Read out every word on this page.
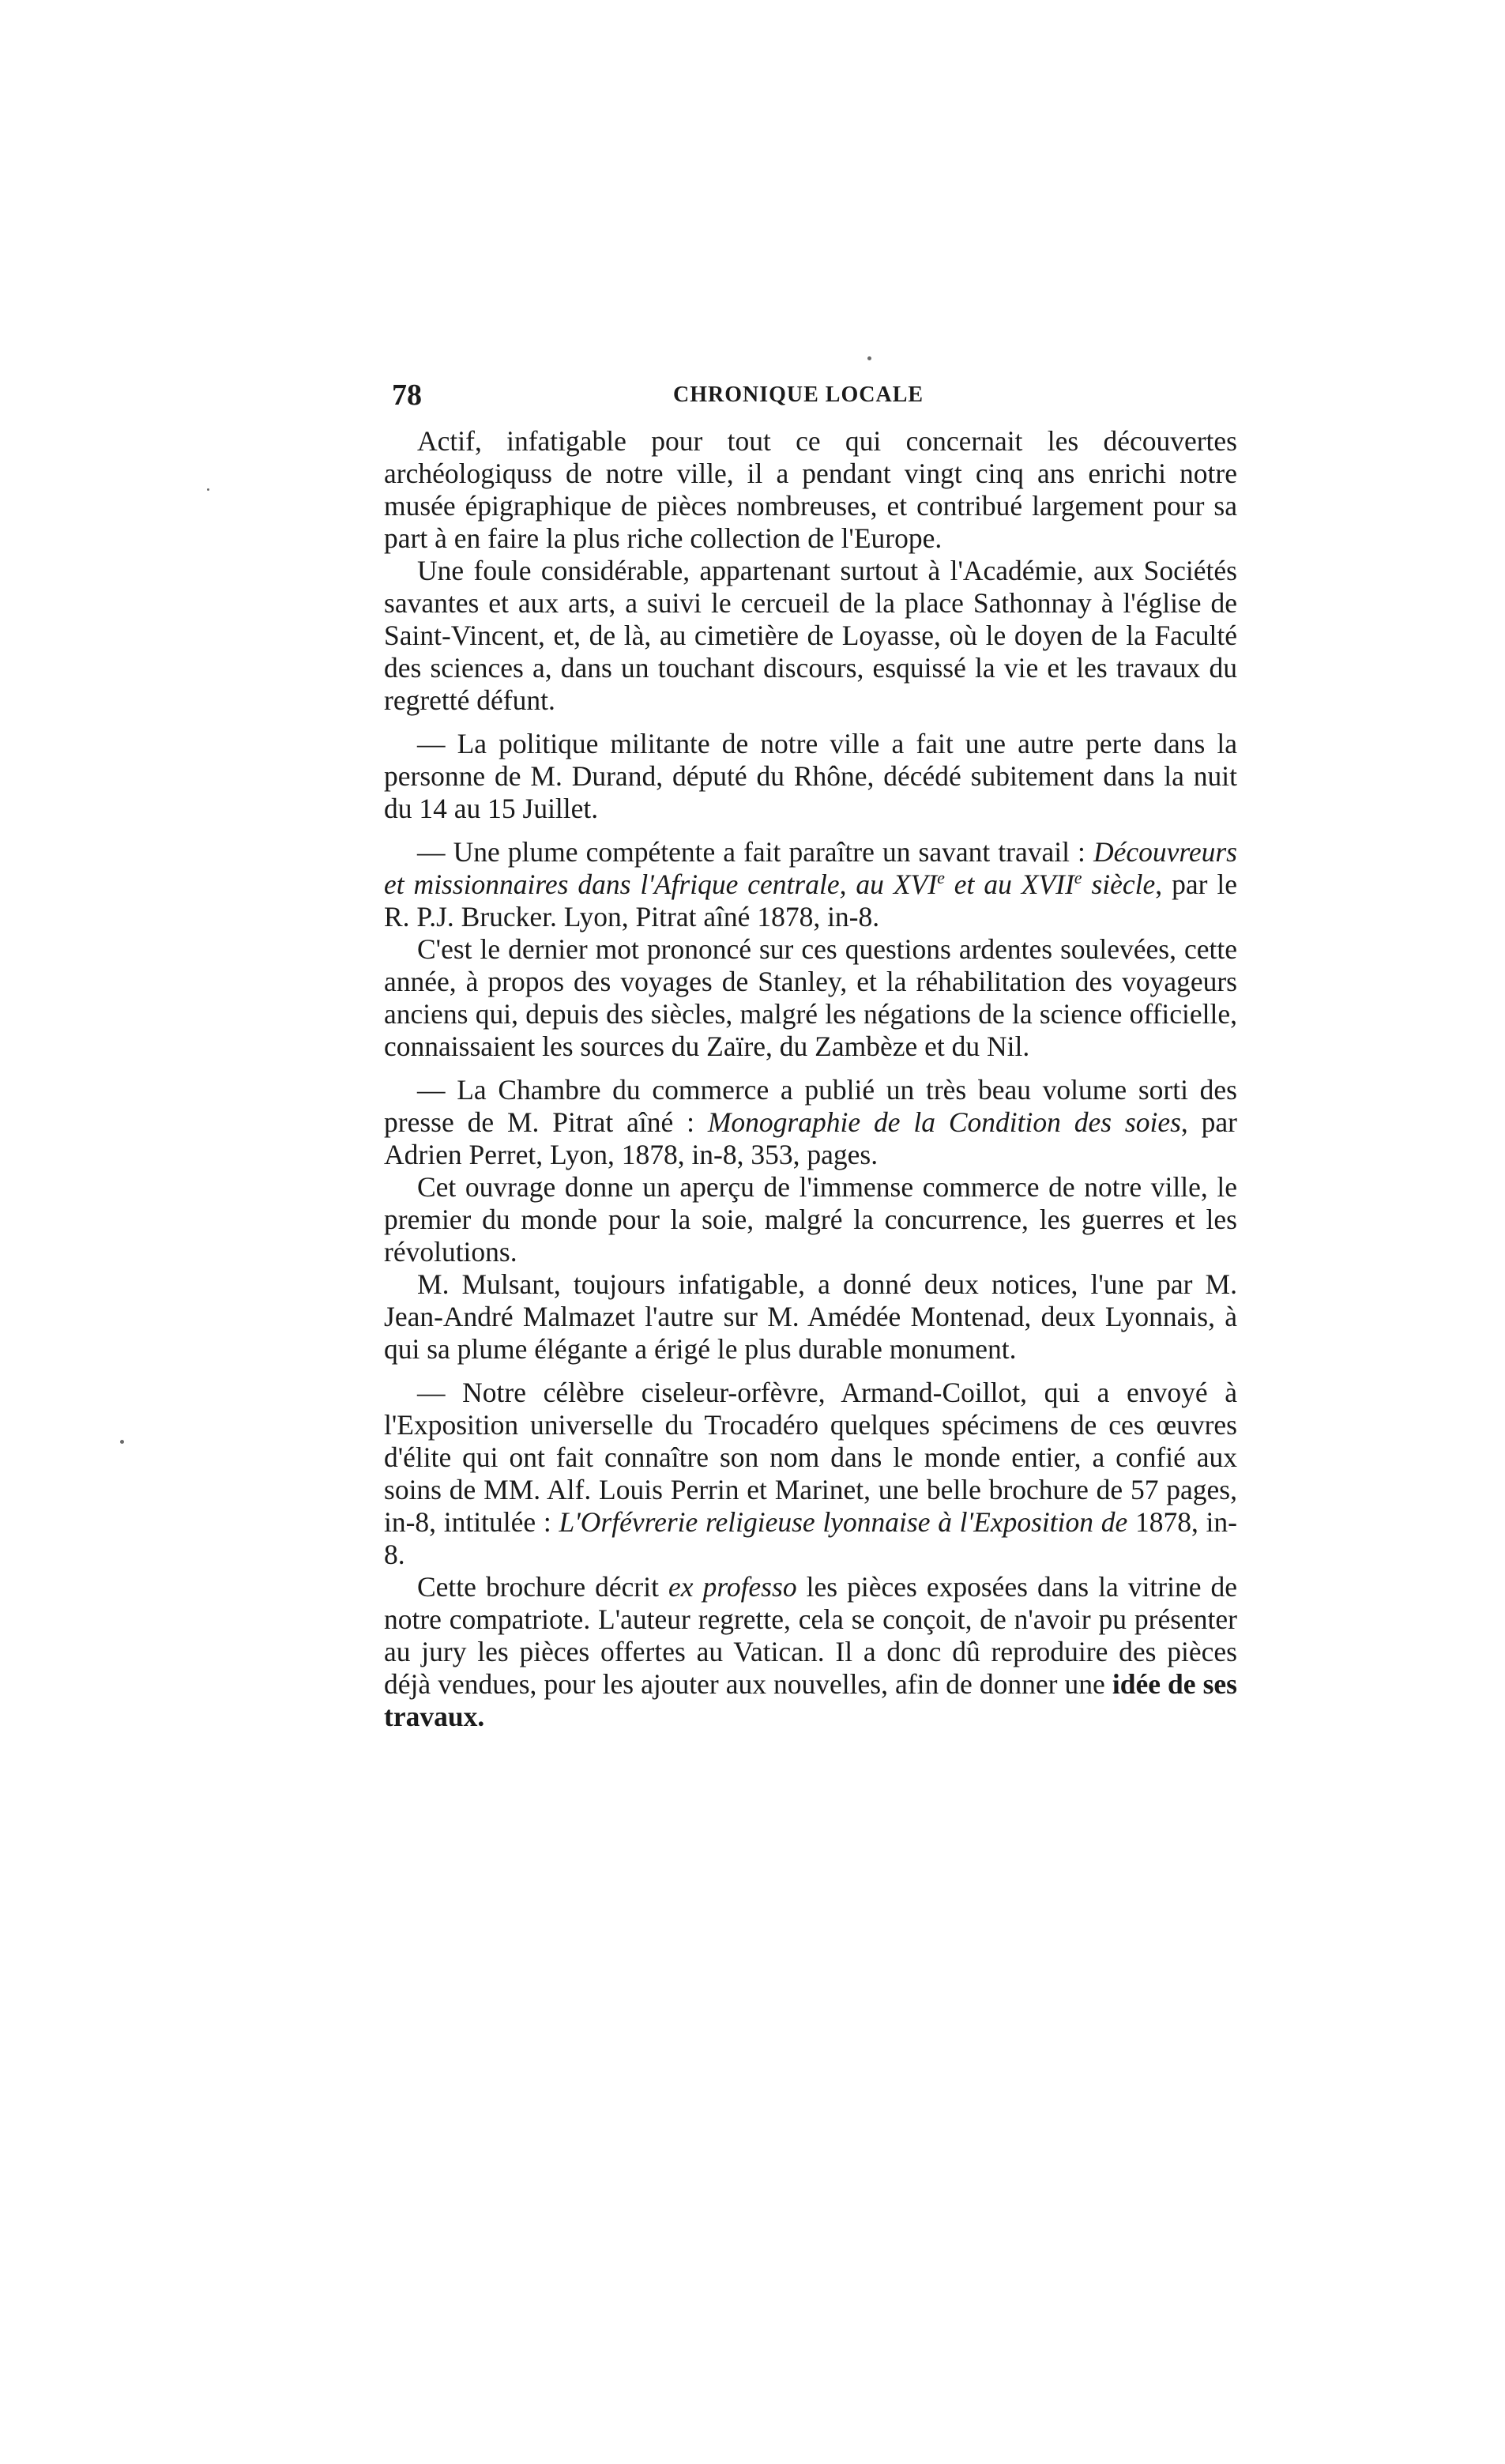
78	CHRONIQUE LOCALE

Actif, infatigable pour tout ce qui concernait les découvertes archéologiquss de notre ville, il a pendant vingt cinq ans enrichi notre musée épigraphique de pièces nombreuses, et contribué largement pour sa part à en faire la plus riche collection de l'Europe.

Une foule considérable, appartenant surtout à l'Académie, aux Sociétés savantes et aux arts, a suivi le cercueil de la place Sathonnay à l'église de Saint-Vincent, et, de là, au cimetière de Loyasse, où le doyen de la Faculté des sciences a, dans un touchant discours, esquissé la vie et les travaux du regretté défunt.

— La politique militante de notre ville a fait une autre perte dans la personne de M. Durand, député du Rhône, décédé subitement dans la nuit du 14 au 15 Juillet.

— Une plume compétente a fait paraître un savant travail : Découvreurs et missionnaires dans l'Afrique centrale, au XVIe et au XVIIe siècle, par le R. P.J. Brucker. Lyon, Pitrat aîné 1878, in-8.

C'est le dernier mot prononcé sur ces questions ardentes soulevées, cette année, à propos des voyages de Stanley, et la réhabilitation des voyageurs anciens qui, depuis des siècles, malgré les négations de la science officielle, connaissaient les sources du Zaïre, du Zambèze et du Nil.

— La Chambre du commerce a publié un très beau volume sorti des presse de M. Pitrat aîné : Monographie de la Condition des soies, par Adrien Perret, Lyon, 1878, in-8, 353, pages.

Cet ouvrage donne un aperçu de l'immense commerce de notre ville, le premier du monde pour la soie, malgré la concurrence, les guerres et les révolutions.

M. Mulsant, toujours infatigable, a donné deux notices, l'une par M. Jean-André Malmazet l'autre sur M. Amédée Montenad, deux Lyonnais, à qui sa plume élégante a érigé le plus durable monument.

— Notre célèbre ciseleur-orfèvre, Armand-Coillot, qui a envoyé à l'Exposition universelle du Trocadéro quelques spécimens de ces œuvres d'élite qui ont fait connaître son nom dans le monde entier, a confié aux soins de MM. Alf. Louis Perrin et Marinet, une belle brochure de 57 pages, in-8, intitulée : L'Orfévrerie religieuse lyonnaise à l'Exposition de 1878, in-8.

Cette brochure décrit ex professo les pièces exposées dans la vitrine de notre compatriote. L'auteur regrette, cela se conçoit, de n'avoir pu présenter au jury les pièces offertes au Vatican. Il a donc dû reproduire des pièces déjà vendues, pour les ajouter aux nouvelles, afin de donner une idée de ses travaux.
